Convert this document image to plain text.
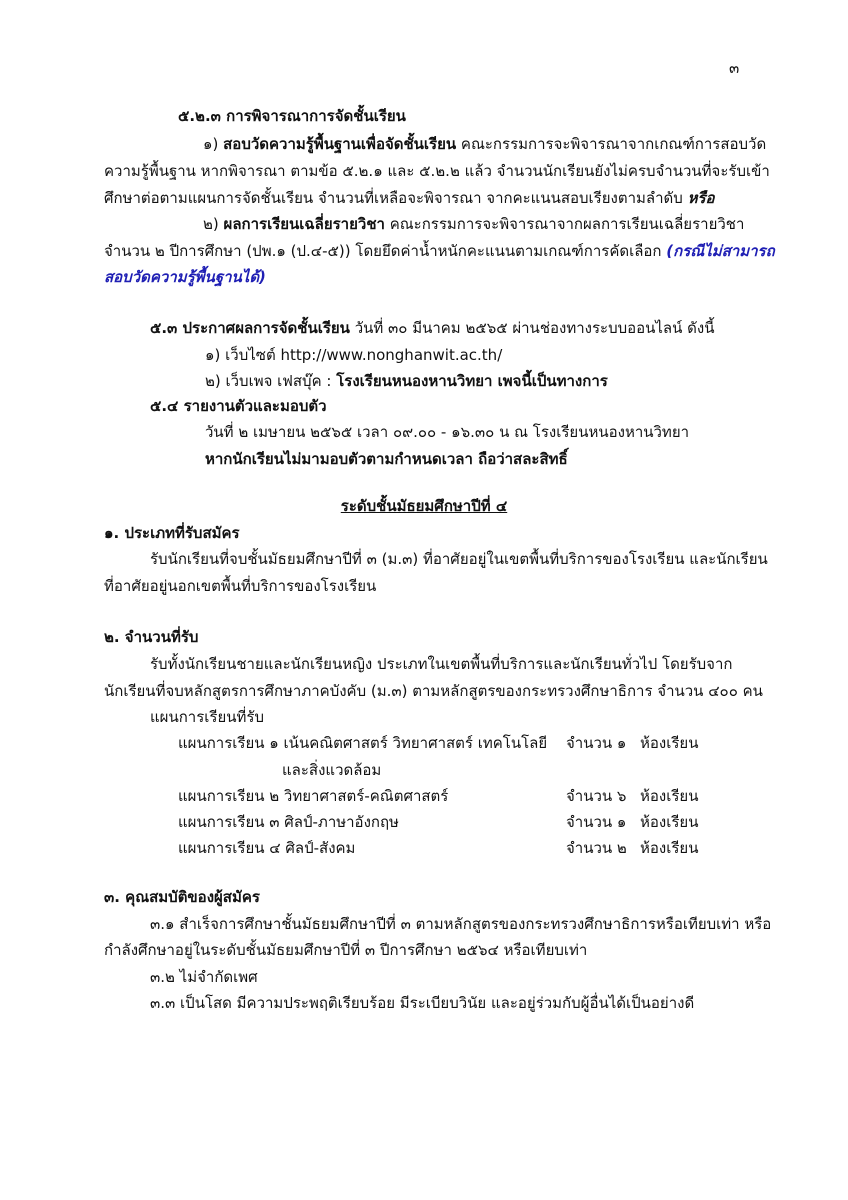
๓
๕.๒.๓ การพิจารณาการจัดชั้นเรียน
๑) สอบวัดความรู้พื้นฐานเพื่อจัดชั้นเรียน คณะกรรมการจะพิจารณาจากเกณฑ์การสอบวัด
ความรู้พื้นฐาน หากพิจารณา ตามข้อ ๕.๒.๑ และ ๕.๒.๒ แล้ว จำนวนนักเรียนยังไม่ครบจำนวนที่จะรับเข้า
ศึกษาต่อตามแผนการจัดชั้นเรียน จำนวนที่เหลือจะพิจารณา จากคะแนนสอบเรียงตามลำดับ หรือ
๒) ผลการเรียนเฉลี่ยรายวิชา คณะกรรมการจะพิจารณาจากผลการเรียนเฉลี่ยรายวิชา
จำนวน ๒ ปีการศึกษา (ปพ.๑ (ป.๔-๕)) โดยยึดค่าน้ำหนักคะแนนตามเกณฑ์การคัดเลือก (กรณีไม่สามารถ
สอบวัดความรู้พื้นฐานได้)
๕.๓ ประกาศผลการจัดชั้นเรียน วันที่ ๓๐ มีนาคม ๒๕๖๕ ผ่านช่องทางระบบออนไลน์ ดังนี้
๑) เว็บไซต์ http://www.nonghanwit.ac.th/
๒) เว็บเพจ เฟสบุ๊ค : โรงเรียนหนองหานวิทยา เพจนี้เป็นทางการ
๕.๔ รายงานตัวและมอบตัว
วันที่ ๒ เมษายน ๒๕๖๕ เวลา ๐๙.๐๐ - ๑๖.๓๐ น ณ โรงเรียนหนองหานวิทยา
หากนักเรียนไม่มามอบตัวตามกำหนดเวลา ถือว่าสละสิทธิ์
ระดับชั้นมัธยมศึกษาปีที่ ๔
๑. ประเภทที่รับสมัคร
รับนักเรียนที่จบชั้นมัธยมศึกษาปีที่ ๓ (ม.๓) ที่อาศัยอยู่ในเขตพื้นที่บริการของโรงเรียน และนักเรียน
ที่อาศัยอยู่นอกเขตพื้นที่บริการของโรงเรียน
๒. จำนวนที่รับ
รับทั้งนักเรียนชายและนักเรียนหญิง ประเภทในเขตพื้นที่บริการและนักเรียนทั่วไป โดยรับจาก
นักเรียนที่จบหลักสูตรการศึกษาภาคบังคับ (ม.๓) ตามหลักสูตรของกระทรวงศึกษาธิการ จำนวน ๔๐๐ คน
แผนการเรียนที่รับ
แผนการเรียน ๑ เน้นคณิตศาสตร์ วิทยาศาสตร์ เทคโนโลยี จำนวน ๑ ห้องเรียน
และสิ่งแวดล้อม
แผนการเรียน ๒ วิทยาศาสตร์-คณิตศาสตร์	จำนวน ๖ ห้องเรียน
แผนการเรียน ๓ ศิลป์-ภาษาอังกฤษ	จำนวน ๑ ห้องเรียน
แผนการเรียน ๔ ศิลป์-สังคม	จำนวน ๒ ห้องเรียน
๓. คุณสมบัติของผู้สมัคร
๓.๑ สำเร็จการศึกษาชั้นมัธยมศึกษาปีที่ ๓ ตามหลักสูตรของกระทรวงศึกษาธิการหรือเทียบเท่า หรือ
กำลังศึกษาอยู่ในระดับชั้นมัธยมศึกษาปีที่ ๓ ปีการศึกษา ๒๕๖๔ หรือเทียบเท่า
๓.๒ ไม่จำกัดเพศ
๓.๓ เป็นโสด มีความประพฤติเรียบร้อย มีระเบียบวินัย และอยู่ร่วมกับผู้อื่นได้เป็นอย่างดี
